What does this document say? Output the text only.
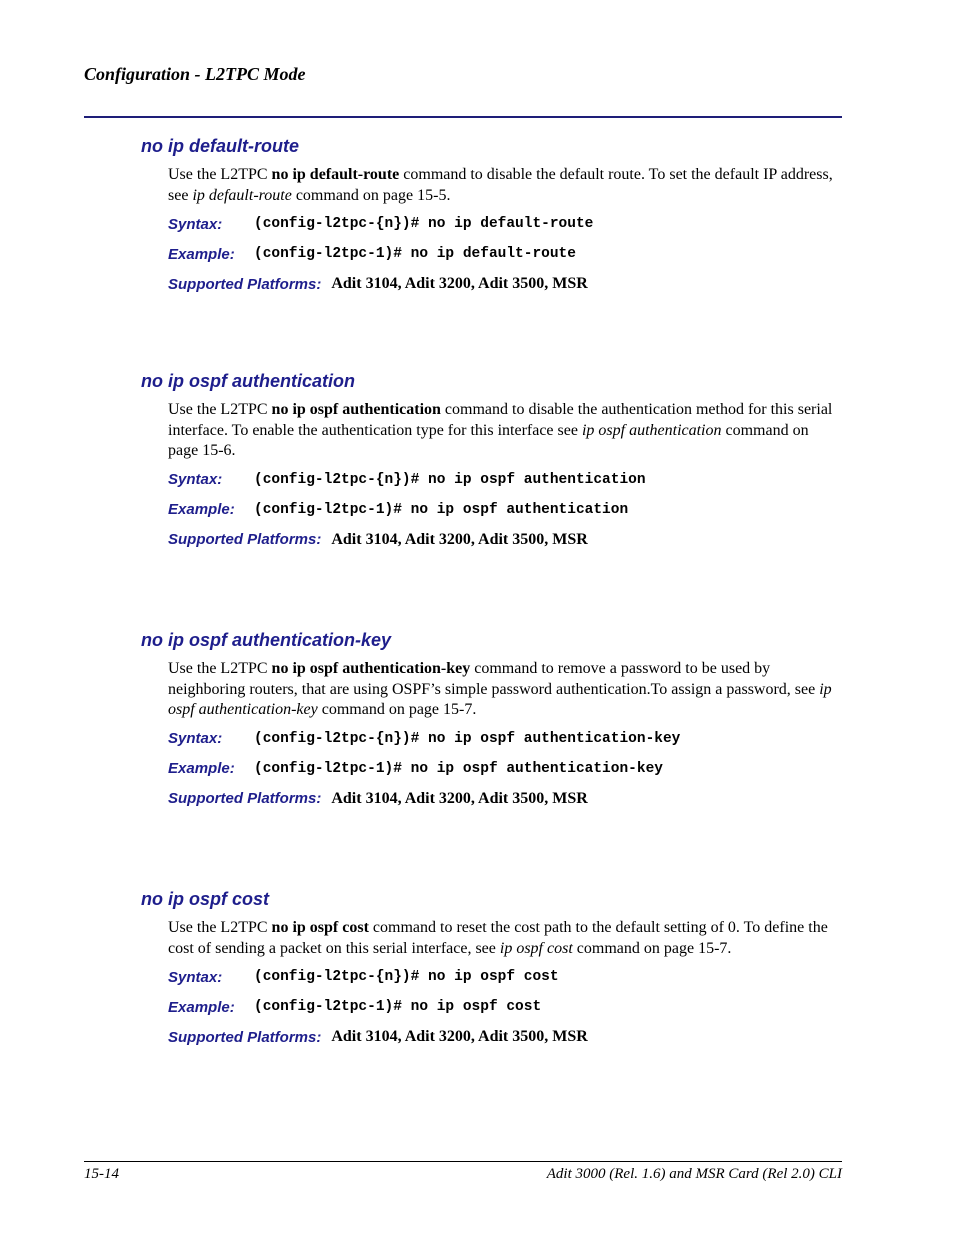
Configuration - L2TPC Mode
no ip default-route

Use the L2TPC no ip default-route command to disable the default route. To set the default IP address, see ip default-route command on page 15-5.

Syntax:	(config-l2tpc-{n})# no ip default-route
Example:	(config-l2tpc-1)# no ip default-route
Supported Platforms: Adit 3104, Adit 3200, Adit 3500, MSR
no ip ospf authentication

Use the L2TPC no ip ospf authentication command to disable the authentication method for this serial interface. To enable the authentication type for this interface see ip ospf authentication command on page 15-6.

Syntax:	(config-l2tpc-{n})# no ip ospf authentication
Example:	(config-l2tpc-1)# no ip ospf authentication
Supported Platforms: Adit 3104, Adit 3200, Adit 3500, MSR
no ip ospf authentication-key

Use the L2TPC no ip ospf authentication-key command to remove a password to be used by neighboring routers, that are using OSPF’s simple password authentication.To assign a password, see ip ospf authentication-key command on page 15-7.

Syntax:	(config-l2tpc-{n})# no ip ospf authentication-key
Example:	(config-l2tpc-1)# no ip ospf authentication-key
Supported Platforms: Adit 3104, Adit 3200, Adit 3500, MSR
no ip ospf cost

Use the L2TPC no ip ospf cost command to reset the cost path to the default setting of 0. To define the cost of sending a packet on this serial interface, see ip ospf cost command on page 15-7.

Syntax:	(config-l2tpc-{n})# no ip ospf cost
Example:	(config-l2tpc-1)# no ip ospf cost
Supported Platforms: Adit 3104, Adit 3200, Adit 3500, MSR
15-14	Adit 3000 (Rel. 1.6) and MSR Card (Rel 2.0) CLI
